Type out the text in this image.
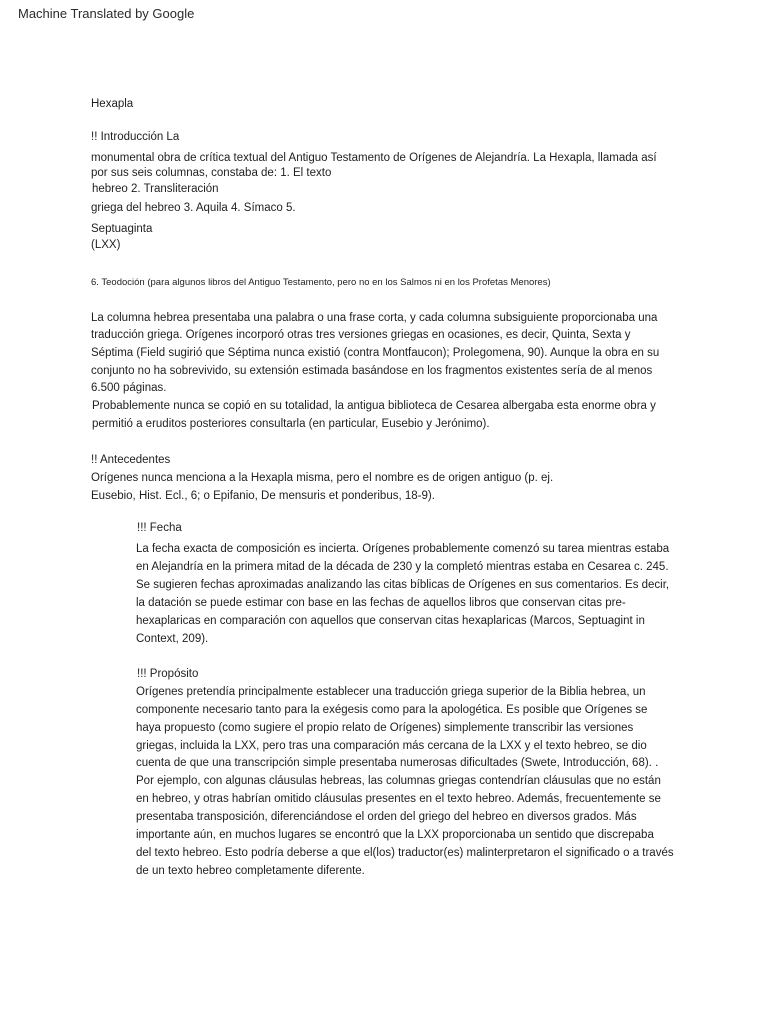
Machine Translated by Google
Hexapla
!! Introducción La
monumental obra de crítica textual del Antiguo Testamento de Orígenes de Alejandría. La Hexapla, llamada así
por sus seis columnas, constaba de: 1. El texto
hebreo 2. Transliteración
griega del hebreo 3. Aquila 4. Símaco 5.
Septuaginta
(LXX)
6. Teodoción (para algunos libros del Antiguo Testamento, pero no en los Salmos ni en los Profetas Menores)
La columna hebrea presentaba una palabra o una frase corta, y cada columna subsiguiente proporcionaba una
traducción griega. Orígenes incorporó otras tres versiones griegas en ocasiones, es decir, Quinta, Sexta y
Séptima (Field sugirió que Séptima nunca existió (contra Montfaucon); Prolegomena, 90). Aunque la obra en su
conjunto no ha sobrevivido, su extensión estimada basándose en los fragmentos existentes sería de al menos
6.500 páginas.
Probablemente nunca se copió en su totalidad, la antigua biblioteca de Cesarea albergaba esta enorme obra y
permitió a eruditos posteriores consultarla (en particular, Eusebio y Jerónimo).
!! Antecedentes
Orígenes nunca menciona a la Hexapla misma, pero el nombre es de origen antiguo (p. ej.
Eusebio, Hist. Ecl., 6; o Epifanio, De mensuris et ponderibus, 18-9).
!!! Fecha
La fecha exacta de composición es incierta. Orígenes probablemente comenzó su tarea mientras estaba
en Alejandría en la primera mitad de la década de 230 y la completó mientras estaba en Cesarea c. 245.
Se sugieren fechas aproximadas analizando las citas bíblicas de Orígenes en sus comentarios. Es decir,
la datación se puede estimar con base en las fechas de aquellos libros que conservan citas pre-
hexaplaricas en comparación con aquellos que conservan citas hexaplaricas (Marcos, Septuagint in
Context, 209).
!!! Propósito
Orígenes pretendía principalmente establecer una traducción griega superior de la Biblia hebrea, un
componente necesario tanto para la exégesis como para la apologética. Es posible que Orígenes se
haya propuesto (como sugiere el propio relato de Orígenes) simplemente transcribir las versiones
griegas, incluida la LXX, pero tras una comparación más cercana de la LXX y el texto hebreo, se dio
cuenta de que una transcripción simple presentaba numerosas dificultades (Swete, Introducción, 68). .
Por ejemplo, con algunas cláusulas hebreas, las columnas griegas contendrían cláusulas que no están
en hebreo, y otras habrían omitido cláusulas presentes en el texto hebreo. Además, frecuentemente se
presentaba transposición, diferenciándose el orden del griego del hebreo en diversos grados. Más
importante aún, en muchos lugares se encontró que la LXX proporcionaba un sentido que discrepaba
del texto hebreo. Esto podría deberse a que el(los) traductor(es) malinterpretaron el significado o a través
de un texto hebreo completamente diferente.
